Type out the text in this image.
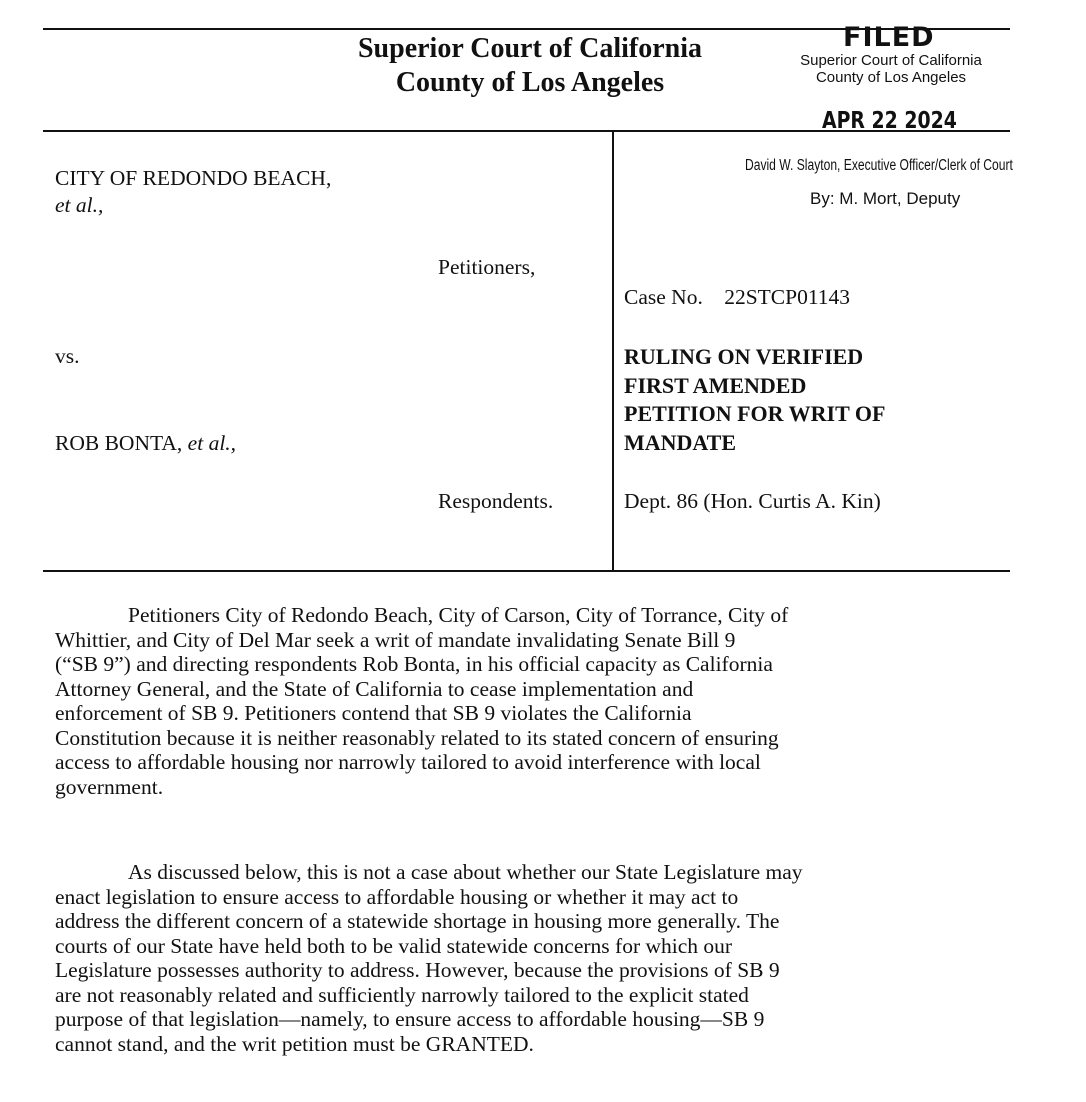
Superior Court of California
County of Los Angeles
FILED
Superior Court of California
County of Los Angeles
APR 22 2024
David W. Slayton, Executive Officer/Clerk of Court
By: M. Mort, Deputy
CITY OF REDONDO BEACH,
et al.,
Petitioners,
vs.
ROB BONTA, et al.,
Respondents.
Case No. 22STCP01143
RULING ON VERIFIED
FIRST AMENDED
PETITION FOR WRIT OF
MANDATE
Dept. 86 (Hon. Curtis A. Kin)
Petitioners City of Redondo Beach, City of Carson, City of Torrance, City of
Whittier, and City of Del Mar seek a writ of mandate invalidating Senate Bill 9
(“SB 9”) and directing respondents Rob Bonta, in his official capacity as California
Attorney General, and the State of California to cease implementation and
enforcement of SB 9. Petitioners contend that SB 9 violates the California
Constitution because it is neither reasonably related to its stated concern of ensuring
access to affordable housing nor narrowly tailored to avoid interference with local
government.
As discussed below, this is not a case about whether our State Legislature may
enact legislation to ensure access to affordable housing or whether it may act to
address the different concern of a statewide shortage in housing more generally. The
courts of our State have held both to be valid statewide concerns for which our
Legislature possesses authority to address. However, because the provisions of SB 9
are not reasonably related and sufficiently narrowly tailored to the explicit stated
purpose of that legislation—namely, to ensure access to affordable housing—SB 9
cannot stand, and the writ petition must be GRANTED.
